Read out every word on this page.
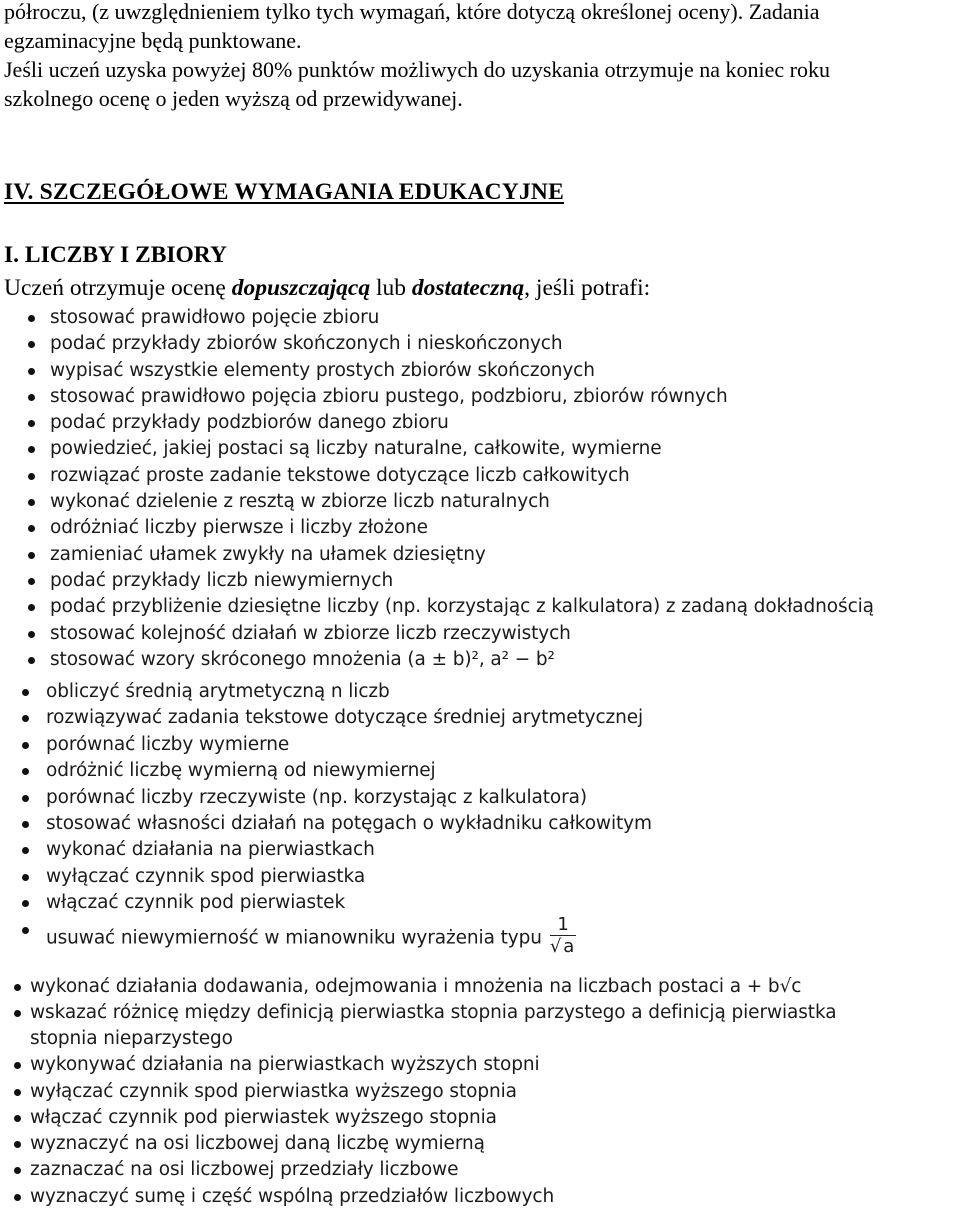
półroczu, (z uwzględnieniem tylko tych wymagań, które dotyczą określonej oceny). Zadania

egzaminacyjne będą punktowane.

Jeśli uczeń uzyska powyżej 80% punktów możliwych do uzyskania otrzymuje na koniec roku

szkolnego ocenę o jeden wyższą od przewidywanej.

IV. SZCZEGÓŁOWE WYMAGANIA EDUKACYJNE
I. LICZBY I ZBIORY

Uczeń otrzymuje ocenę dopuszczającą lub dostateczną, jeśli potrafi:

stosować prawidłowo pojęcie zbioru
podać przykłady zbiorów skończonych i nieskończonych
wypisać wszystkie elementy prostych zbiorów skończonych
stosować prawidłowo pojęcia zbioru pustego, podzbioru, zbiorów równych
podać przykłady podzbiorów danego zbioru
powiedzieć, jakiej postaci są liczby naturalne, całkowite, wymierne
rozwiązać proste zadanie tekstowe dotyczące liczb całkowitych
wykonać dzielenie z resztą w zbiorze liczb naturalnych
odróżniać liczby pierwsze i liczby złożone
zamieniać ułamek zwykły na ułamek dziesiętny
podać przykłady liczb niewymiernych
podać przybliżenie dziesiętne liczby (np. korzystając z kalkulatora) z zadaną dokładnością
stosować kolejność działań w zbiorze liczb rzeczywistych
stosować wzory skróconego mnożenia (a ± b)², a² − b²
obliczyć średnią arytmetyczną n liczb
rozwiązywać zadania tekstowe dotyczące średniej arytmetycznej
porównać liczby wymierne
odróżnić liczbę wymierną od niewymiernej
porównać liczby rzeczywiste (np. korzystając z kalkulatora)
stosować własności działań na potęgach o wykładniku całkowitym
wykonać działania na pierwiastkach
wyłączać czynnik spod pierwiastka
włączać czynnik pod pierwiastek
usuwać niewymierność w mianowniku wyrażenia typu $\frac{1}{√ a}$
wykonać działania dodawania, odejmowania i mnożenia na liczbach postaci a + b√c
wskazać różnicę między definicją pierwiastka stopnia parzystego a definicją pierwiastka stopnia nieparzystego
wykonywać działania na pierwiastkach wyższych stopni
wyłączać czynnik spod pierwiastka wyższego stopnia
włączać czynnik pod pierwiastek wyższego stopnia
wyznaczyć na osi liczbowej daną liczbę wymierną
zaznaczać na osi liczbowej przedziały liczbowe
wyznaczyć sumę i część wspólną przedziałów liczbowych
